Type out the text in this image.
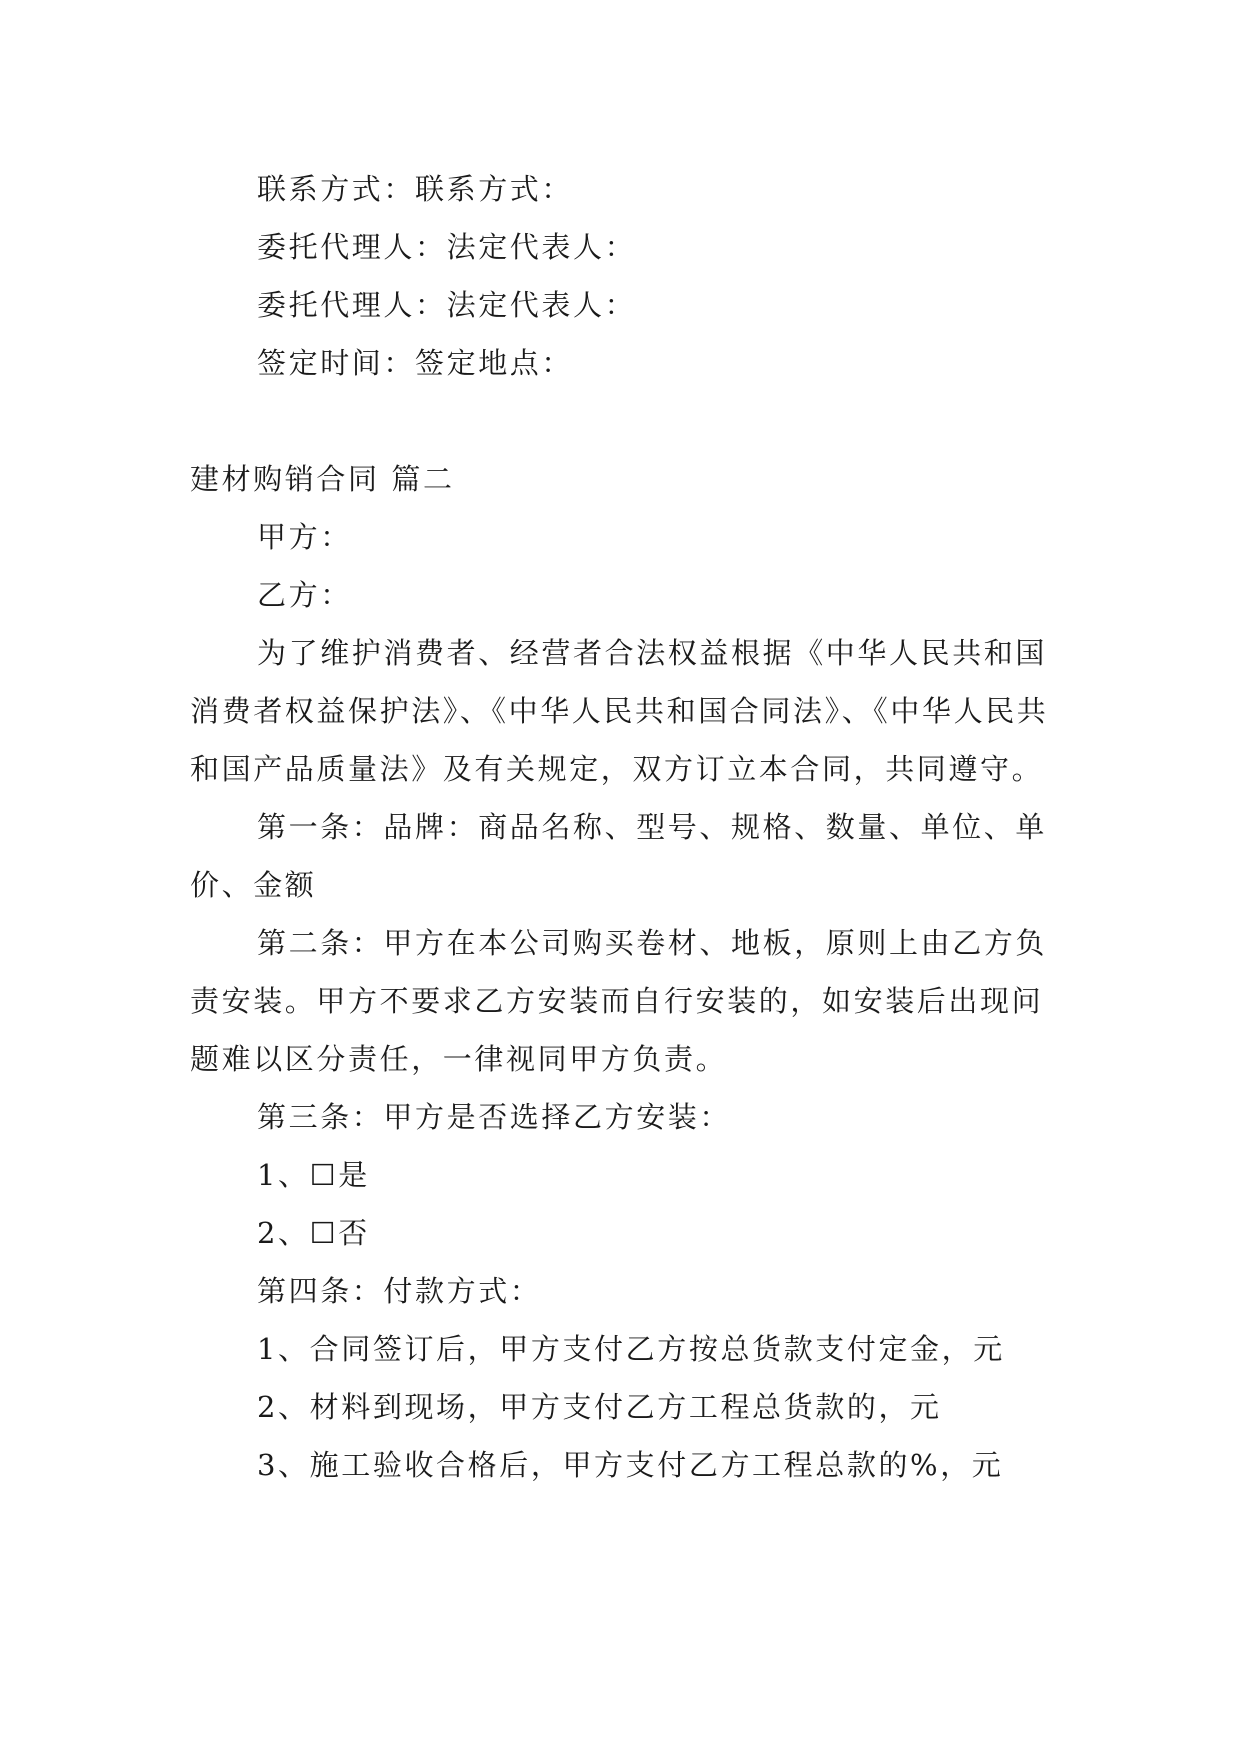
联系方式：联系方式：
委托代理人：法定代表人：
委托代理人：法定代表人：
签定时间：签定地点：
建材购销合同 篇二
甲方：
乙方：

为了维护消费者、经营者合法权益根据《中华人民共和国消费者权益保护法》、《中华人民共和国合同法》、《中华人民共和国产品质量法》及有关规定，双方订立本合同，共同遵守。

第一条：品牌：商品名称、型号、规格、数量、单位、单价、金额

第二条：甲方在本公司购买卷材、地板，原则上由乙方负责安装。甲方不要求乙方安装而自行安装的，如安装后出现问题难以区分责任，一律视同甲方负责。

第三条：甲方是否选择乙方安装：
1、☐是
2、☐否
第四条：付款方式：
1、合同签订后，甲方支付乙方按总货款支付定金，元
2、材料到现场，甲方支付乙方工程总货款的，元
3、施工验收合格后，甲方支付乙方工程总款的%，元
